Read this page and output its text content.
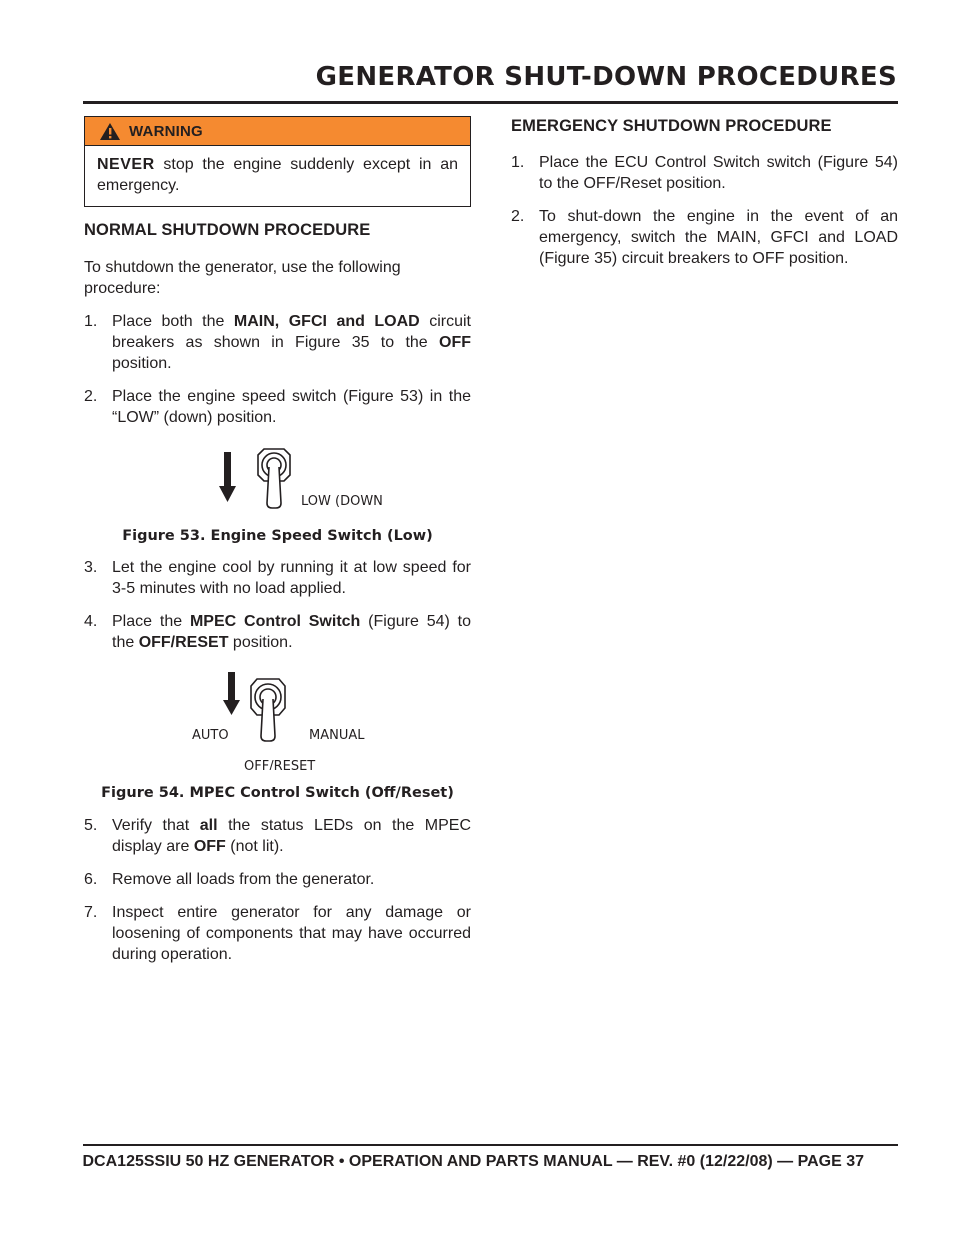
GENERATOR SHUT-DOWN PROCEDURES
WARNING
NEVER stop the engine suddenly except in an emergency.
NORMAL SHUTDOWN PROCEDURE

To shutdown the generator, use the following procedure:

1. Place both the MAIN, GFCI and LOAD circuit breakers as shown in Figure 35 to the OFF position.
2. Place the engine speed switch (Figure 53) in the “LOW” (down) position.
LOW (DOWN

Figure 53. Engine Speed Switch (Low)

3. Let the engine cool by running it at low speed for 3-5 minutes with no load applied.
4. Place the MPEC Control Switch (Figure 54) to the OFF/RESET position.
AUTO	MANUAL
OFF/RESET

Figure 54. MPEC Control Switch (Off/Reset)

5. Verify that all the status LEDs on the MPEC display are OFF (not lit).
6. Remove all loads from the generator.
7. Inspect entire generator for any damage or loosening of components that may have occurred during operation.
EMERGENCY SHUTDOWN PROCEDURE
1. Place the ECU Control Switch switch (Figure 54) to the OFF/Reset position.
2. To shut-down the engine in the event of an emergency, switch the MAIN, GFCI and LOAD (Figure 35) circuit breakers to OFF position.
DCA125SSIU 50 HZ GENERATOR • OPERATION AND PARTS MANUAL — REV. #0 (12/22/08) — PAGE 37
